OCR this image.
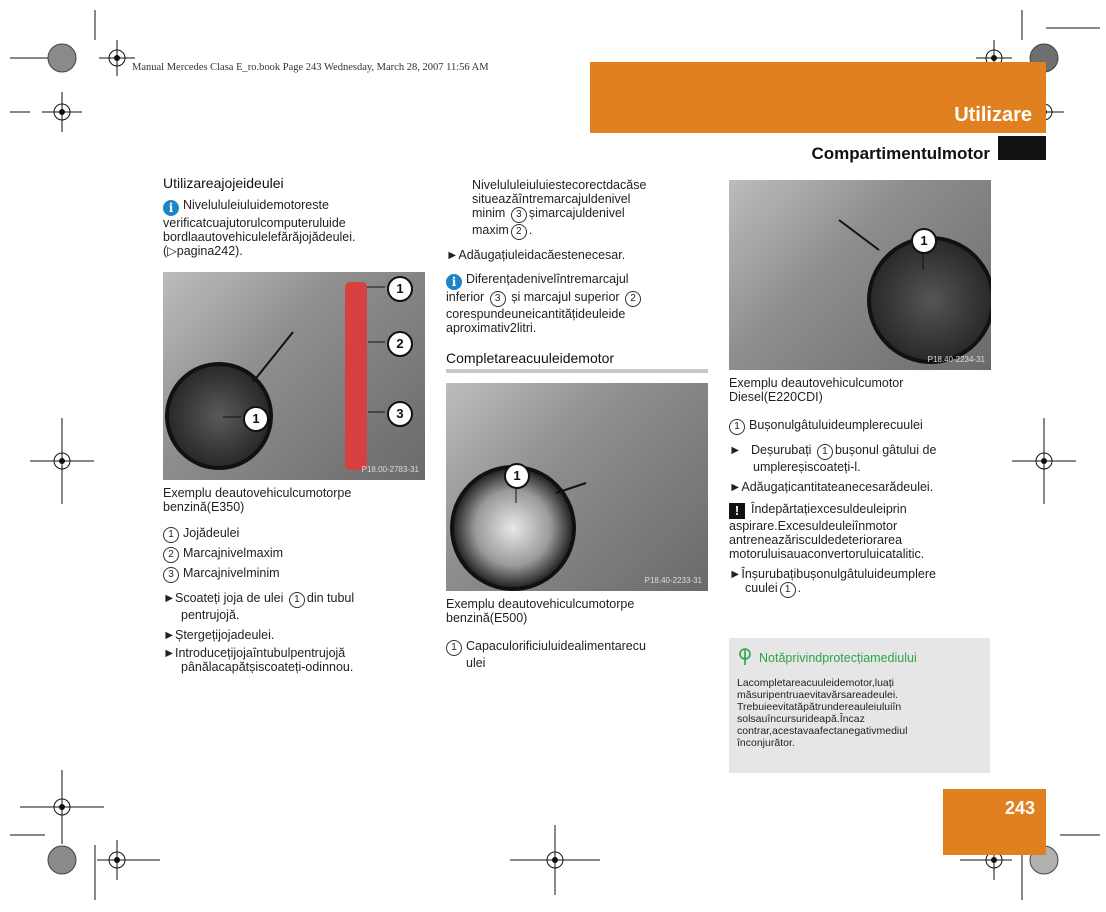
Manual Mercedes Clasa E_ro.book Page 243 Wednesday, March 28, 2007 11:56 AM
Utilizare
Compartimentulmotor
Utilizareajojeideulei
i Nivelululeiuluidemotoreste verificatcuajutorulcomputeruluide bordlaautovehiculelefărăjojădeulei. (▷pagina242).
1
2
3
1
P18.00-2783-31
Exemplu deautovehiculcumotorpe
benzină(E350)
1 Jojădeulei
2 Marcajnivelmaxim
3 Marcajnivelminim
►Scoateți joja de ulei 1 din tubul
pentrujojă.
►Ștergețijojadeulei.
►Introducețijojaîntubulpentrujojă
pânălacapătșiscoateți-odinnou.
Nivelululeiuluiestecorectdacăse
situeazăîntremarcajuldenivel
minim 3 șimarcajuldenivel
maxim 2 .
►Adăugațiuleidacăestenecesar.
i Diferențadenivelîntremarcajul
inferior 3 și marcajul superior 2
corespundeuneicantitățideuleide
aproximativ2litri.
Completareacuuleidemotor
1
P18.40-2233-31
Exemplu deautovehiculcumotorpe
benzină(E500)
1 Capaculorificiuluidealimentarecu
ulei
1
P18.40-2234-31
Exemplu deautovehiculcumotor
Diesel(E220CDI)
1 Bușonulgâtuluideumplerecuulei
► Deșurubați 1 bușonul gâtului de
umplereșiscoateți-l.
►Adăugațicantitateanecesarădeulei.
! Îndepărtațiexcesuldeuleiprin
aspirare.Excesuldeuleiînmotor
antreneazărisculdedeteriorarea
motoruluisauaconvertoruluicatalitic.
►Înșurubațibușonulgâtuluideumplere
cuulei 1 .
Notăprivindprotecțiamediului
Lacompletareacuuleidemotor,luați
măsuripentruaevitavărsareadeulei.
Trebuieevitatăpătrundereauleiuluiîn
solsauîncursurideapă.Încaz
contrar,acestavaafectanegativmediul
înconjurător.
243
